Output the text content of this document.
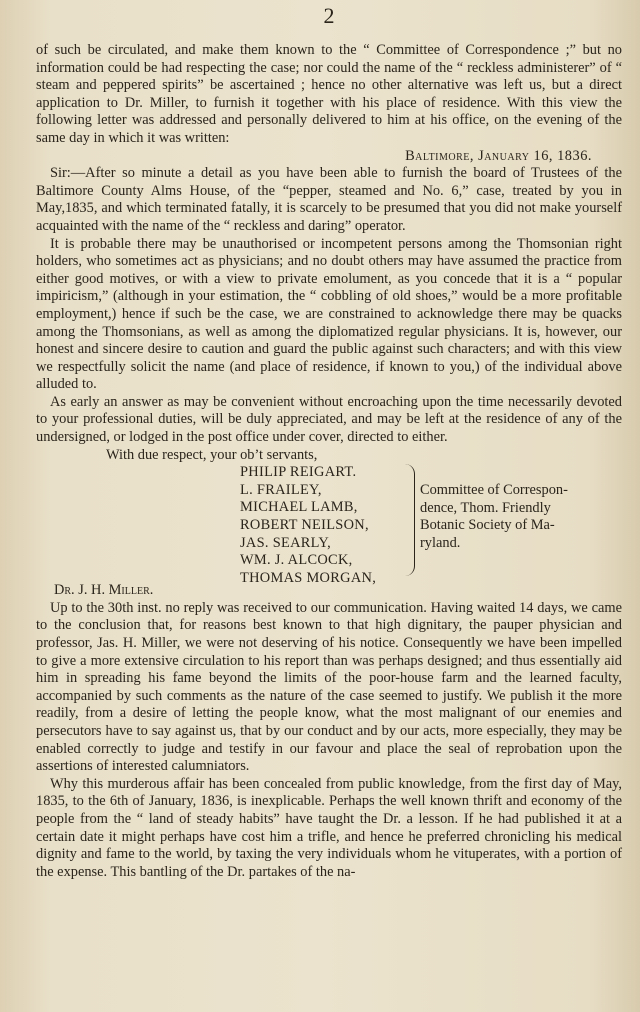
2

of such be circulated, and make them known to the “ Committee of Correspondence ;” but no information could be had respecting the case; nor could the name of the “ reckless administerer” of “ steam and peppered spirits” be ascertained ; hence no other alternative was left us, but a direct application to Dr. Miller, to furnish it together with his place of residence. With this view the following letter was addressed and personally delivered to him at his office, on the evening of the same day in which it was written:

Baltimore, January 16, 1836.

Sir:—After so minute a detail as you have been able to furnish the board of Trustees of the Baltimore County Alms House, of the “pepper, steamed and No. 6,” case, treated by you in May,1835, and which terminated fatally, it is scarcely to be presumed that you did not make yourself acquainted with the name of the “ reckless and daring” operator.

It is probable there may be unauthorised or incompetent persons among the Thomsonian right holders, who sometimes act as physicians; and no doubt others may have assumed the practice from either good motives, or with a view to private emolument, as you concede that it is a “ popular impiricism,” (although in your estimation, the “ cobbling of old shoes,” would be a more profitable employment,) hence if such be the case, we are constrained to acknowledge there may be quacks among the Thomsonians, as well as among the diplomatized regular physicians. It is, however, our honest and sincere desire to caution and guard the public against such characters; and with this view we respectfully solicit the name (and place of residence, if known to you,) of the individual above alluded to.

As early an answer as may be convenient without encroaching upon the time necessarily devoted to your professional duties, will be duly appreciated, and may be left at the residence of any of the undersigned, or lodged in the post office under cover, directed to either.

With due respect, your ob’t servants,

PHILIP REIGART.
L. FRAILEY,
MICHAEL LAMB,
ROBERT NEILSON,
JAS. SEARLY,
WM. J. ALCOCK,
THOMAS MORGAN,
Committee of Correspon-
dence, Thom. Friendly
Botanic Society of Ma-
ryland.

Dr. J. H. Miller.

Up to the 30th inst. no reply was received to our communication. Having waited 14 days, we came to the conclusion that, for reasons best known to that high dignitary, the pauper physician and professor, Jas. H. Miller, we were not deserving of his notice. Consequently we have been impelled to give a more extensive circulation to his report than was perhaps designed; and thus essentially aid him in spreading his fame beyond the limits of the poor-house farm and the learned faculty, accompanied by such comments as the nature of the case seemed to justify. We publish it the more readily, from a desire of letting the people know, what the most malignant of our enemies and persecutors have to say against us, that by our conduct and by our acts, more especially, they may be enabled correctly to judge and testify in our favour and place the seal of reprobation upon the assertions of interested calumniators.

Why this murderous affair has been concealed from public knowledge, from the first day of May, 1835, to the 6th of January, 1836, is inexplicable. Perhaps the well known thrift and economy of the people from the “ land of steady habits” have taught the Dr. a lesson. If he had published it at a certain date it might perhaps have cost him a trifle, and hence he preferred chronicling his medical dignity and fame to the world, by taxing the very individuals whom he vituperates, with a portion of the expense. This bantling of the Dr. partakes of the na-
